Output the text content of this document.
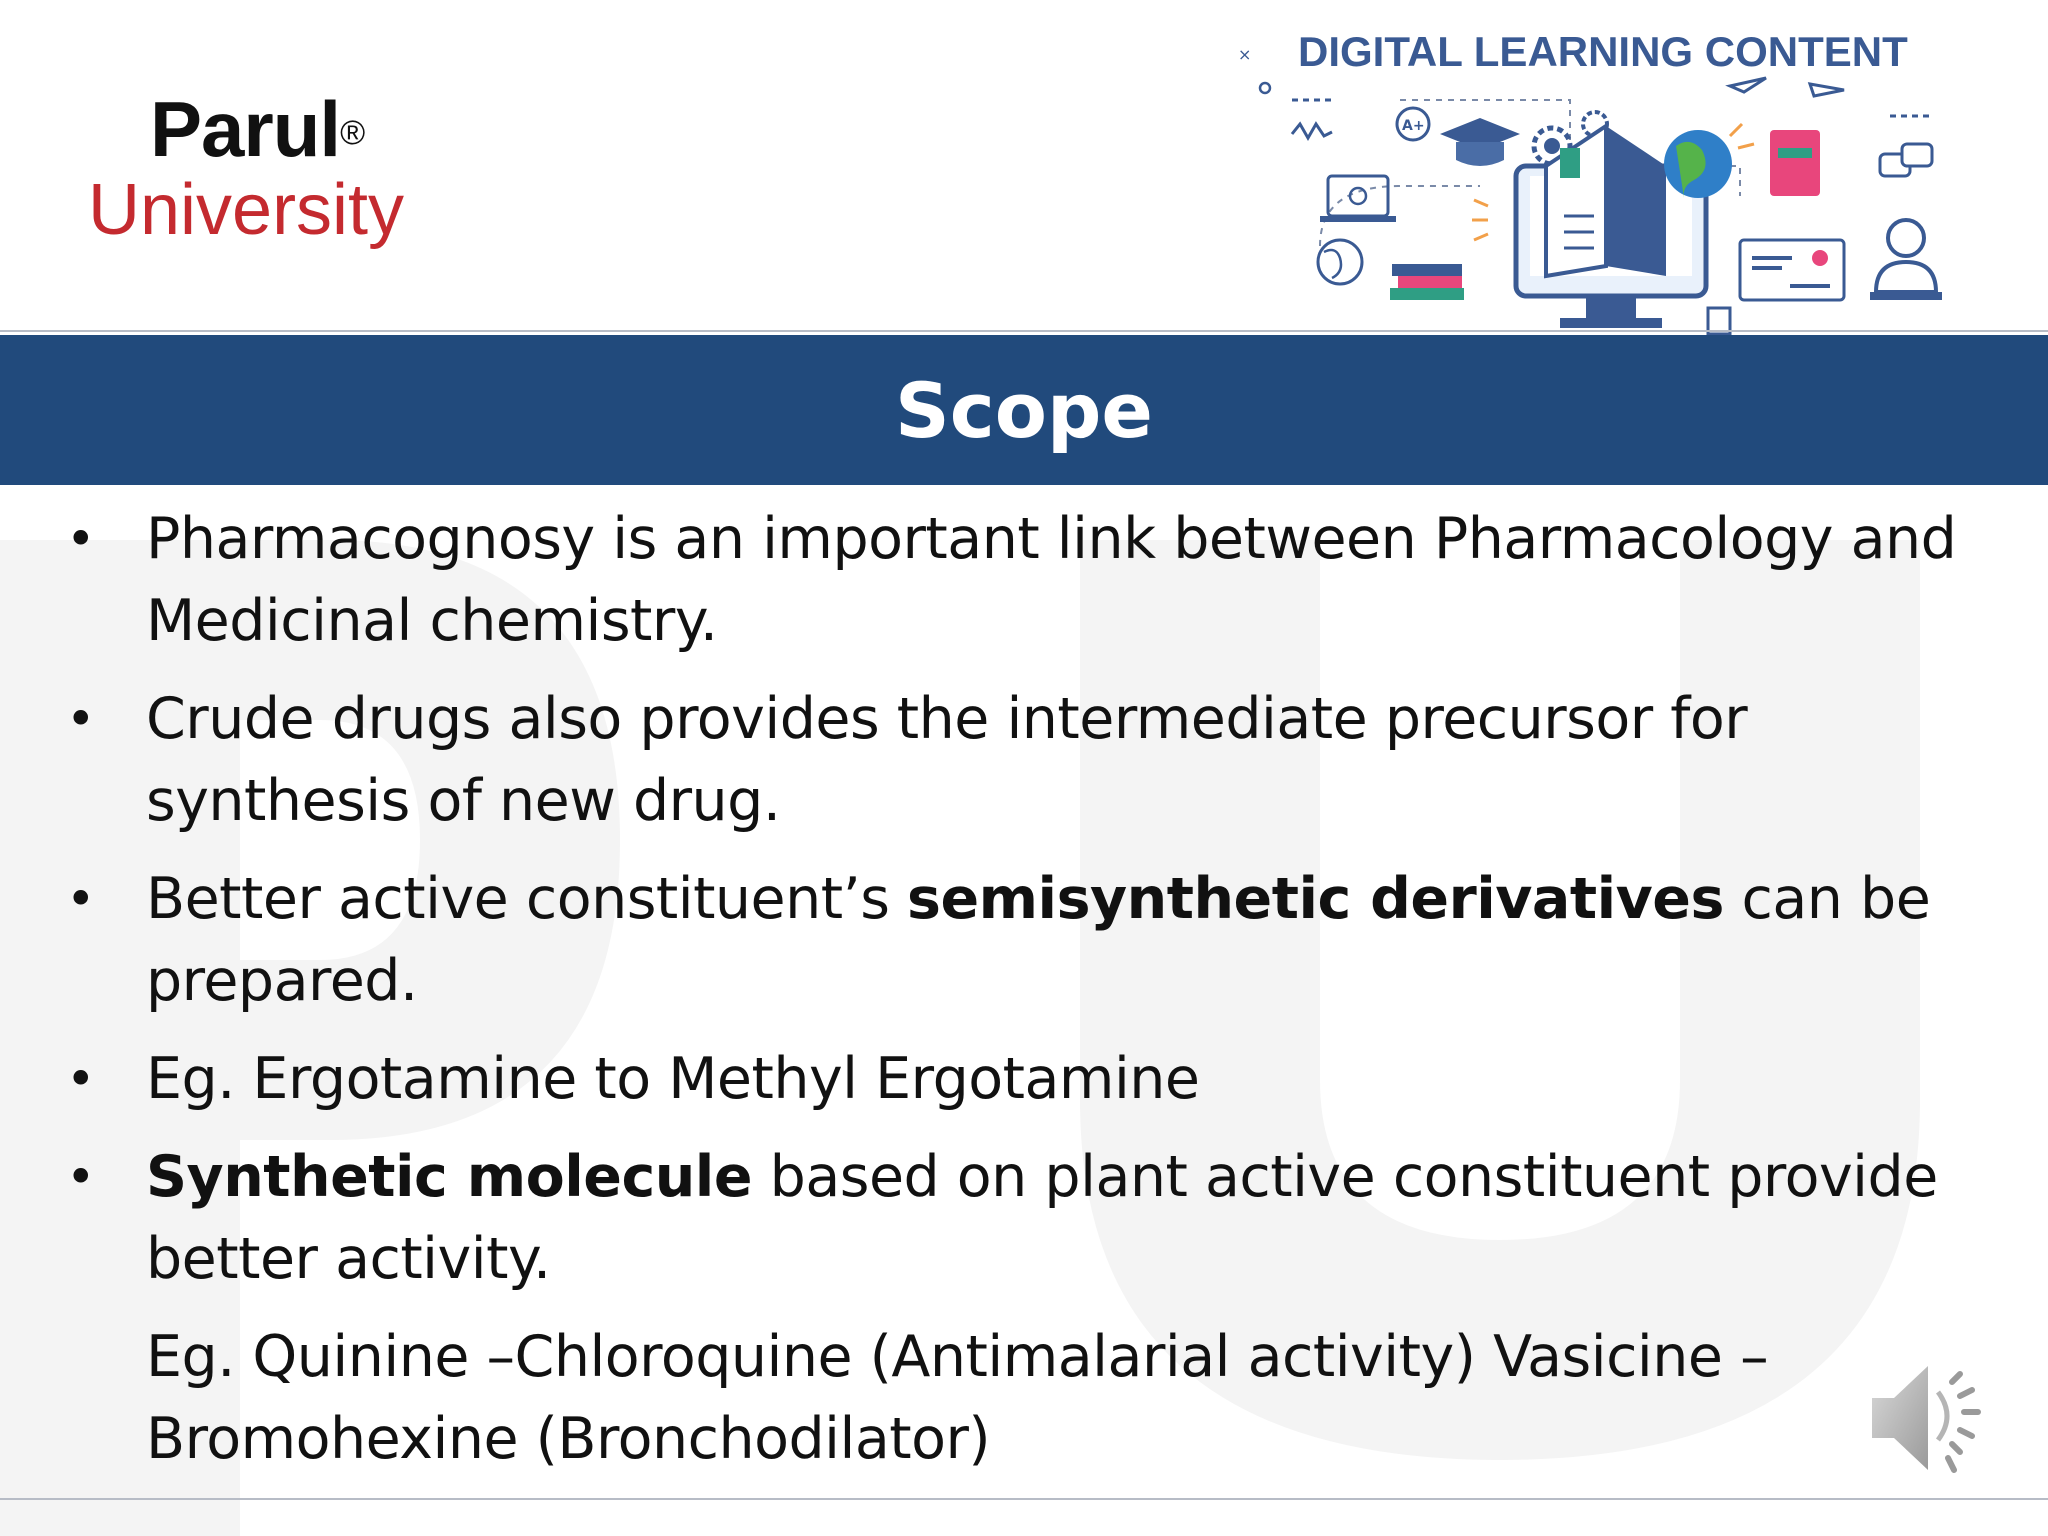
Parul®
University
DIGITAL LEARNING CONTENT
×
A+
Scope
• Pharmacognosy is an important link between Pharmacology and Medicinal chemistry.
• Crude drugs also provides the intermediate precursor for synthesis of new drug.
• Better active constituent’s semisynthetic derivatives can be prepared.
• Eg. Ergotamine to Methyl Ergotamine
• Synthetic molecule based on plant active constituent provide better activity.
Eg. Quinine –Chloroquine (Antimalarial activity) Vasicine –Bromohexine (Bronchodilator)
